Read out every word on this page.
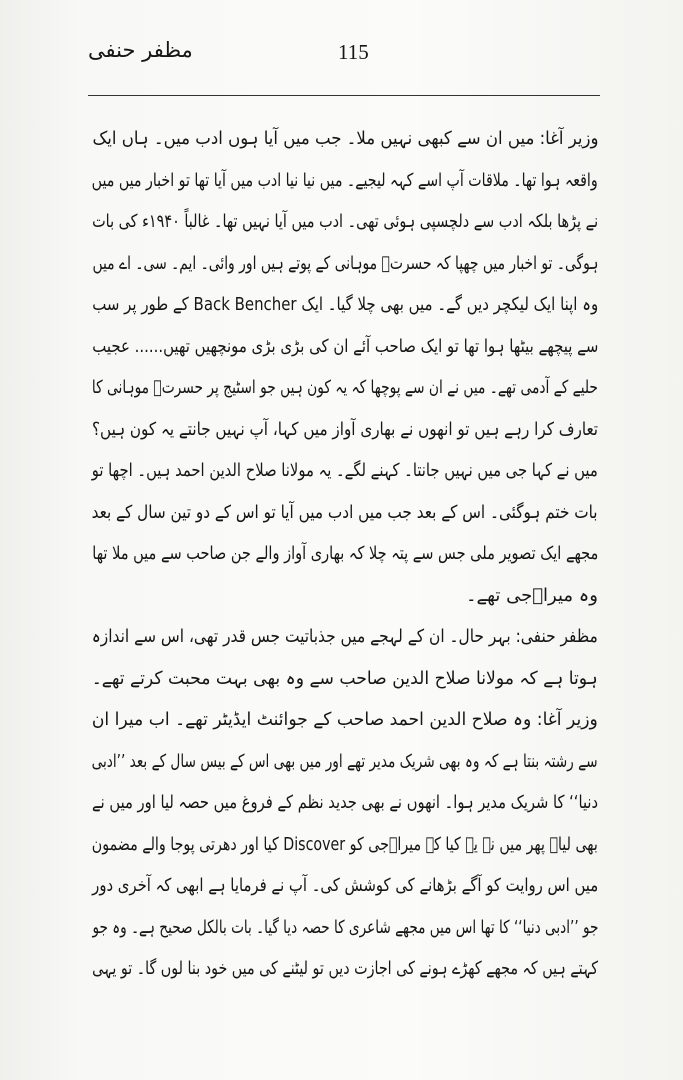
مظفر حنفی	115
وزیر آغا: میں ان سے کبھی نہیں ملا۔ جب میں آیا ہوں ادب میں۔ ہاں ایک
واقعہ ہوا تھا۔ ملاقات آپ اسے کہہ لیجیے۔ میں نیا نیا ادب میں آیا تھا تو اخبار میں میں
نے پڑھا بلکہ ادب سے دلچسپی ہوئی تھی۔ ادب میں آیا نہیں تھا۔ غالباً ۱۹۴۰ء کی بات
ہوگی۔ تو اخبار میں چھپا کہ حسرتؔ موہانی کے پوتے ہیں اور وائی۔ ایم۔ سی۔ اے میں
وہ اپنا ایک لیکچر دیں گے۔ میں بھی چلا گیا۔ ایک Back Bencher کے طور پر سب
سے پیچھے بیٹھا ہوا تھا تو ایک صاحب آئے ان کی بڑی بڑی مونچھیں تھیں...... عجیب
حلیے کے آدمی تھے۔ میں نے ان سے پوچھا کہ یہ کون ہیں جو اسٹیج پر حسرتؔ موہانی کا
تعارف کرا رہے ہیں تو انھوں نے بھاری آواز میں کہا، آپ نہیں جانتے یہ کون ہیں؟
میں نے کہا جی میں نہیں جانتا۔ کہنے لگے۔ یہ مولانا صلاح الدین احمد ہیں۔ اچھا تو
بات ختم ہوگئی۔ اس کے بعد جب میں ادب میں آیا تو اس کے دو تین سال کے بعد
مجھے ایک تصویر ملی جس سے پتہ چلا کہ بھاری آواز والے جن صاحب سے میں ملا تھا
وہ میراؔجی تھے۔
مظفر حنفی: بہر حال۔ ان کے لہجے میں جذباتیت جس قدر تھی، اس سے اندازہ
ہوتا ہے کہ مولانا صلاح الدین صاحب سے وہ بھی بہت محبت کرتے تھے۔
وزیر آغا: وہ صلاح الدین احمد صاحب کے جوائنٹ ایڈیٹر تھے۔ اب میرا ان
سے رشتہ بنتا ہے کہ وہ بھی شریک مدیر تھے اور میں بھی اس کے بیس سال کے بعد ’’ادبی
دنیا‘‘ کا شریک مدیر ہوا۔ انھوں نے بھی جدید نظم کے فروغ میں حصہ لیا اور میں نے
بھی لیا۔ پھر میں نے یہ کیا کہ میراؔجی کو Discover کیا اور دھرتی پوجا والے مضمون
میں اس روایت کو آگے بڑھانے کی کوشش کی۔ آپ نے فرمایا ہے ابھی کہ آخری دور
جو ’’ادبی دنیا‘‘ کا تھا اس میں مجھے شاعری کا حصہ دیا گیا۔ بات بالکل صحیح ہے۔ وہ جو
کہتے ہیں کہ مجھے کھڑے ہونے کی اجازت دیں تو لیٹنے کی میں خود بنا لوں گا۔ تو یہی
